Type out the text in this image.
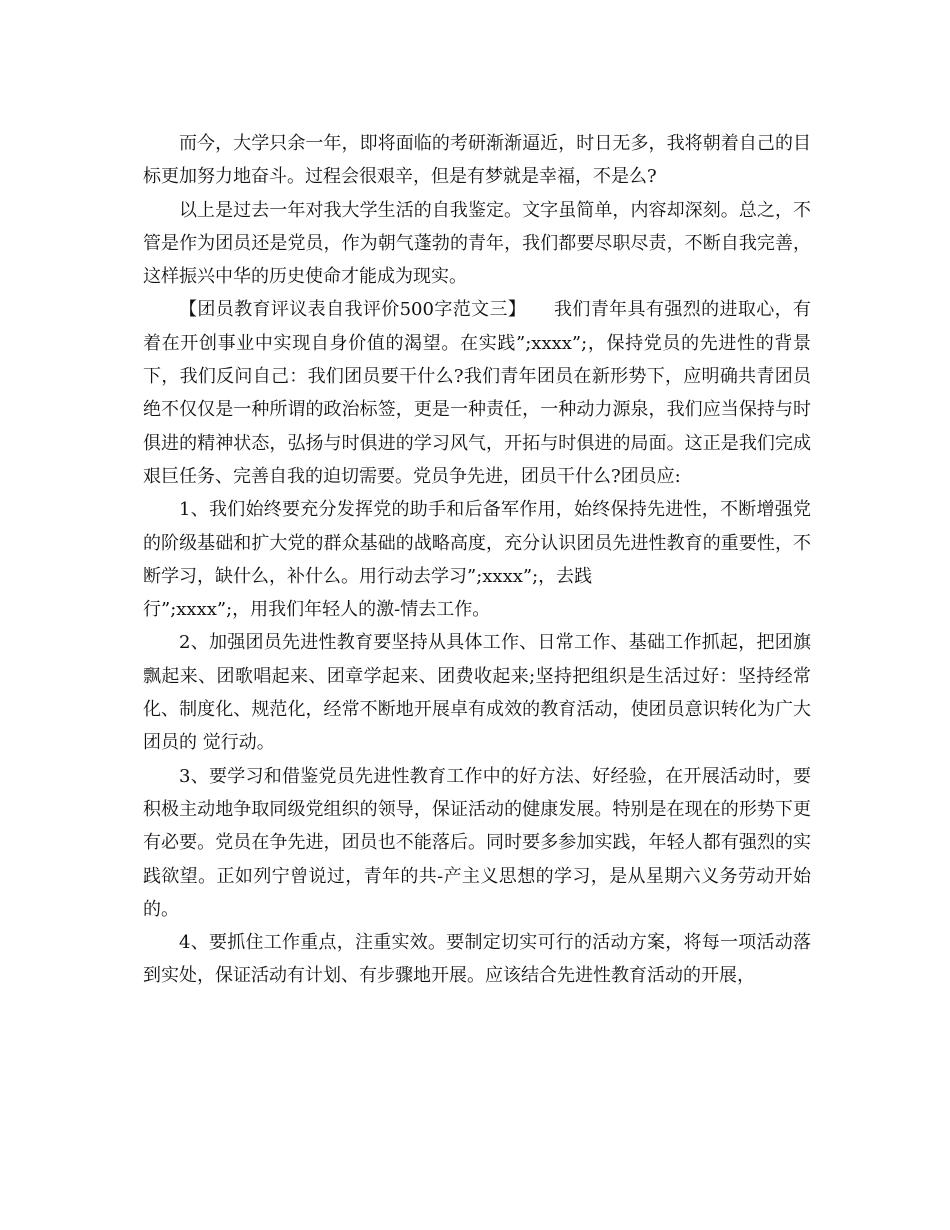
而今，大学只余一年，即将面临的考研渐渐逼近，时日无多，我将朝着自己的目标更加努力地奋斗。过程会很艰辛，但是有梦就是幸福，不是么?

以上是过去一年对我大学生活的自我鉴定。文字虽简单，内容却深刻。总之，不管是作为团员还是党员，作为朝气蓬勃的青年，我们都要尽职尽责，不断自我完善，这样振兴中华的历史使命才能成为现实。

【团员教育评议表自我评价500字范文三】　　我们青年具有强烈的进取心，有着在开创事业中实现自身价值的渴望。在实践”;xxxx”;，保持党员的先进性的背景下，我们反问自己：我们团员要干什么?我们青年团员在新形势下，应明确共青团员绝不仅仅是一种所谓的政治标签，更是一种责任，一种动力源泉，我们应当保持与时俱进的精神状态，弘扬与时俱进的学习风气，开拓与时俱进的局面。这正是我们完成艰巨任务、完善自我的迫切需要。党员争先进，团员干什么?团员应:

1、我们始终要充分发挥党的助手和后备军作用，始终保持先进性，不断增强党的阶级基础和扩大党的群众基础的战略高度，充分认识团员先进性教育的重要性，不断学习，缺什么，补什么。用行动去学习”;xxxx”;，去践

行”;xxxx”;，用我们年轻人的激-情去工作。

2、加强团员先进性教育要坚持从具体工作、日常工作、基础工作抓起，把团旗飘起来、团歌唱起来、团章学起来、团费收起来;坚持把组织是生活过好：坚持经常化、制度化、规范化，经常不断地开展卓有成效的教育活动，使团员意识转化为广大团员的 觉行动。

3、要学习和借鉴党员先进性教育工作中的好方法、好经验，在开展活动时，要积极主动地争取同级党组织的领导，保证活动的健康发展。特别是在现在的形势下更有必要。党员在争先进，团员也不能落后。同时要多参加实践，年轻人都有强烈的实践欲望。正如列宁曾说过，青年的共-产主义思想的学习，是从星期六义务劳动开始的。

4、要抓住工作重点，注重实效。要制定切实可行的活动方案，将每一项活动落到实处，保证活动有计划、有步骤地开展。应该结合先进性教育活动的开展，
